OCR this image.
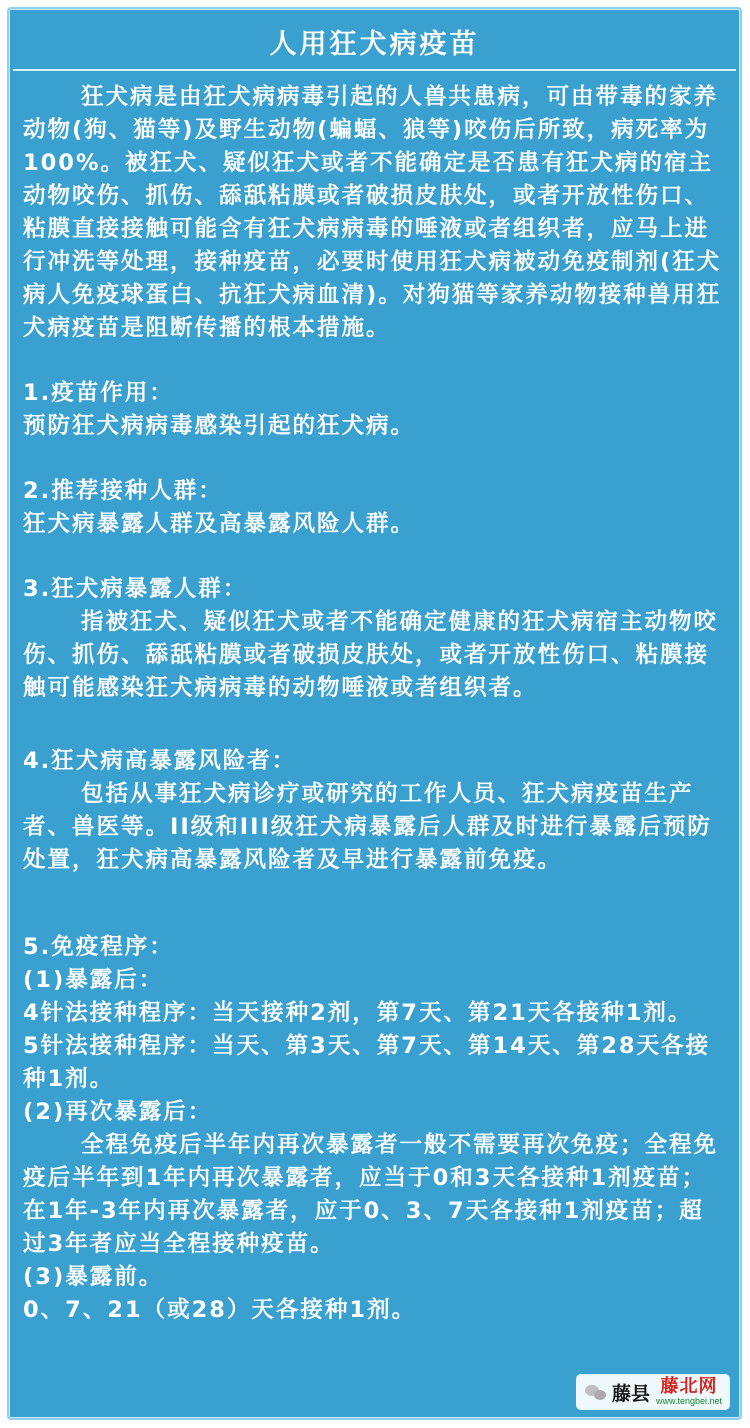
人用狂犬病疫苗

狂犬病是由狂犬病病毒引起的人兽共患病，可由带毒的家养动物(狗、猫等)及野生动物(蝙蝠、狼等)咬伤后所致，病死率为100%。被狂犬、疑似狂犬或者不能确定是否患有狂犬病的宿主动物咬伤、抓伤、舔舐粘膜或者破损皮肤处，或者开放性伤口、粘膜直接接触可能含有狂犬病病毒的唾液或者组织者，应马上进行冲洗等处理，接种疫苗，必要时使用狂犬病被动免疫制剂(狂犬病人免疫球蛋白、抗狂犬病血清)。对狗猫等家养动物接种兽用狂犬病疫苗是阻断传播的根本措施。

1.疫苗作用：

预防狂犬病病毒感染引起的狂犬病。

2.推荐接种人群：

狂犬病暴露人群及高暴露风险人群。

3.狂犬病暴露人群：

指被狂犬、疑似狂犬或者不能确定健康的狂犬病宿主动物咬伤、抓伤、舔舐粘膜或者破损皮肤处，或者开放性伤口、粘膜接触可能感染狂犬病病毒的动物唾液或者组织者。

4.狂犬病高暴露风险者：

包括从事狂犬病诊疗或研究的工作人员、狂犬病疫苗生产者、兽医等。II级和III级狂犬病暴露后人群及时进行暴露后预防处置，狂犬病高暴露风险者及早进行暴露前免疫。

5.免疫程序：

(1)暴露后：

4针法接种程序：当天接种2剂，第7天、第21天各接种1剂。

5针法接种程序：当天、第3天、第7天、第14天、第28天各接种1剂。

(2)再次暴露后：

全程免疫后半年内再次暴露者一般不需要再次免疫；全程免疫后半年到1年内再次暴露者，应当于0和3天各接种1剂疫苗；在1年-3年内再次暴露者，应于0、3、7天各接种1剂疫苗；超过3年者应当全程接种疫苗。

(3)暴露前。

0、7、21（或28）天各接种1剂。

藤县 藤北网
www.tengbei.net
